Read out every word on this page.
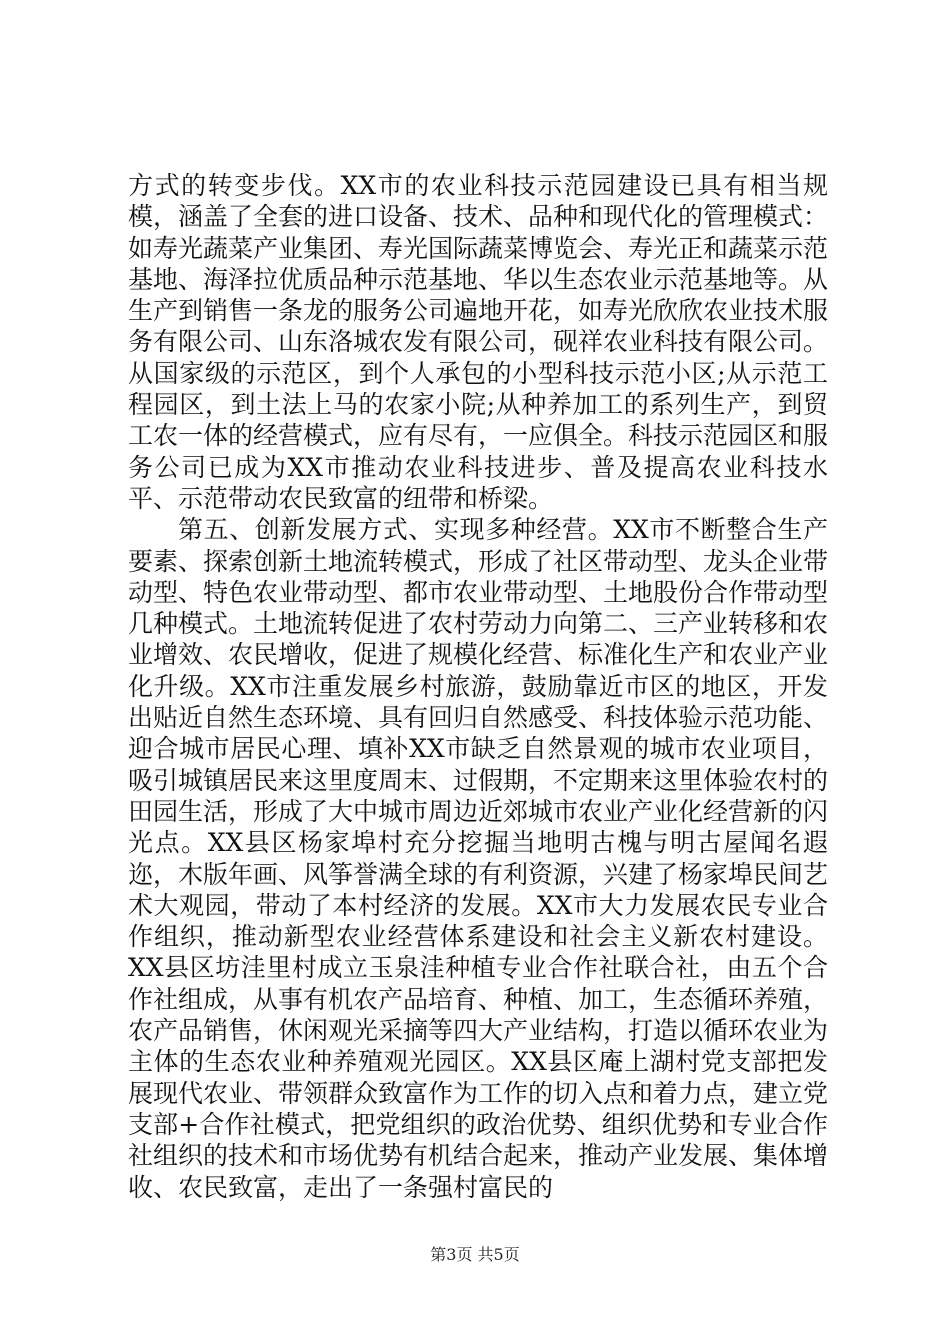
方式的转变步伐。XX市的农业科技示范园建设已具有相当规模，涵盖了全套的进口设备、技术、品种和现代化的管理模式：如寿光蔬菜产业集团、寿光国际蔬菜博览会、寿光正和蔬菜示范基地、海泽拉优质品种示范基地、华以生态农业示范基地等。从生产到销售一条龙的服务公司遍地开花，如寿光欣欣农业技术服务有限公司、山东洛城农发有限公司，砚祥农业科技有限公司。从国家级的示范区，到个人承包的小型科技示范小区;从示范工程园区，到土法上马的农家小院;从种养加工的系列生产，到贸工农一体的经营模式，应有尽有，一应俱全。科技示范园区和服务公司已成为XX市推动农业科技进步、普及提高农业科技水平、示范带动农民致富的纽带和桥梁。

第五、创新发展方式、实现多种经营。XX市不断整合生产要素、探索创新土地流转模式，形成了社区带动型、龙头企业带动型、特色农业带动型、都市农业带动型、土地股份合作带动型几种模式。土地流转促进了农村劳动力向第二、三产业转移和农业增效、农民增收，促进了规模化经营、标准化生产和农业产业化升级。XX市注重发展乡村旅游，鼓励靠近市区的地区，开发出贴近自然生态环境、具有回归自然感受、科技体验示范功能、迎合城市居民心理、填补XX市缺乏自然景观的城市农业项目，吸引城镇居民来这里度周末、过假期，不定期来这里体验农村的田园生活，形成了大中城市周边近郊城市农业产业化经营新的闪光点。XX县区杨家埠村充分挖掘当地明古槐与明古屋闻名遐迩，木版年画、风筝誉满全球的有利资源，兴建了杨家埠民间艺术大观园，带动了本村经济的发展。XX市大力发展农民专业合作组织，推动新型农业经营体系建设和社会主义新农村建设。XX县区坊洼里村成立玉泉洼种植专业合作社联合社，由五个合作社组成，从事有机农产品培育、种植、加工，生态循环养殖，农产品销售，休闲观光采摘等四大产业结构，打造以循环农业为主体的生态农业种养殖观光园区。XX县区庵上湖村党支部把发展现代农业、带领群众致富作为工作的切入点和着力点，建立党支部+合作社模式，把党组织的政治优势、组织优势和专业合作社组织的技术和市场优势有机结合起来，推动产业发展、集体增收、农民致富，走出了一条强村富民的

第3页 共5页
